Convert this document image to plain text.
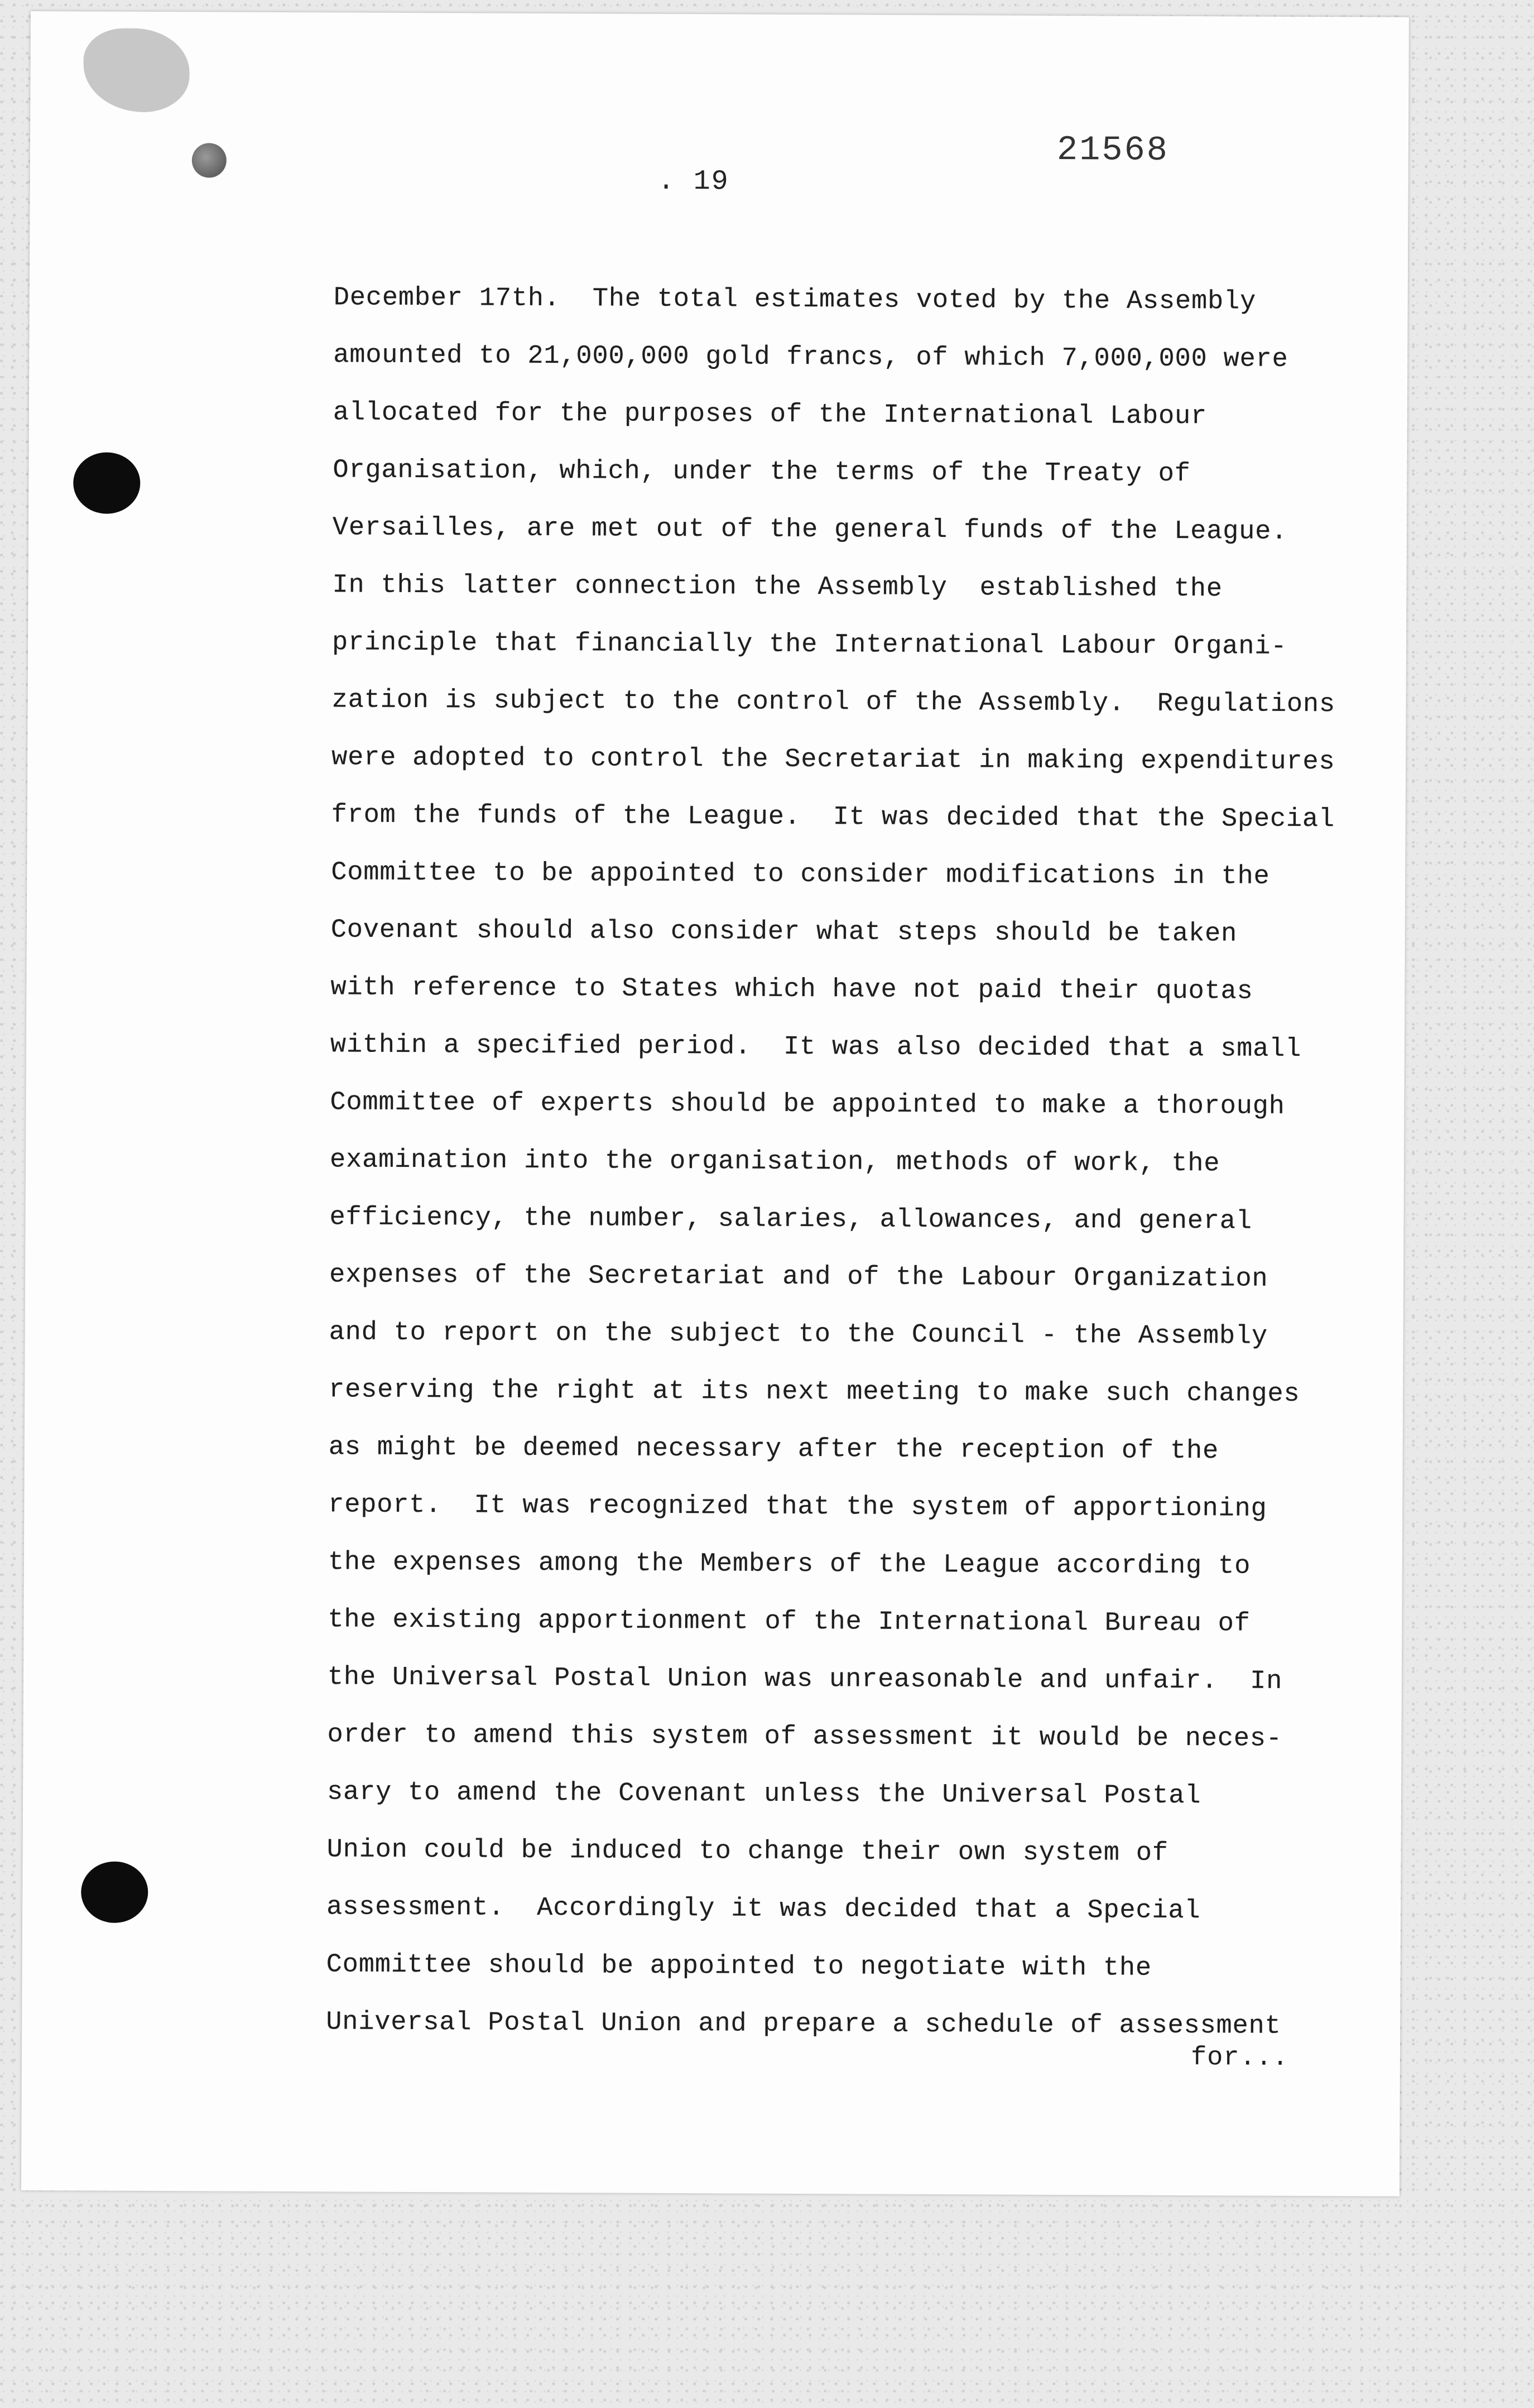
. 19
21568
December 17th.  The total estimates voted by the Assembly
amounted to 21,000,000 gold francs, of which 7,000,000 were
allocated for the purposes of the International Labour
Organisation, which, under the terms of the Treaty of
Versailles, are met out of the general funds of the League.
In this latter connection the Assembly  established the
principle that financially the International Labour Organi-
zation is subject to the control of the Assembly.  Regulations
were adopted to control the Secretariat in making expenditures
from the funds of the League.  It was decided that the Special
Committee to be appointed to consider modifications in the
Covenant should also consider what steps should be taken
with reference to States which have not paid their quotas
within a specified period.  It was also decided that a small
Committee of experts should be appointed to make a thorough
examination into the organisation, methods of work, the
efficiency, the number, salaries, allowances, and general
expenses of the Secretariat and of the Labour Organization
and to report on the subject to the Council - the Assembly
reserving the right at its next meeting to make such changes
as might be deemed necessary after the reception of the
report.  It was recognized that the system of apportioning
the expenses among the Members of the League according to
the existing apportionment of the International Bureau of
the Universal Postal Union was unreasonable and unfair.  In
order to amend this system of assessment it would be neces-
sary to amend the Covenant unless the Universal Postal
Union could be induced to change their own system of
assessment.  Accordingly it was decided that a Special
Committee should be appointed to negotiate with the
Universal Postal Union and prepare a schedule of assessment
for...
